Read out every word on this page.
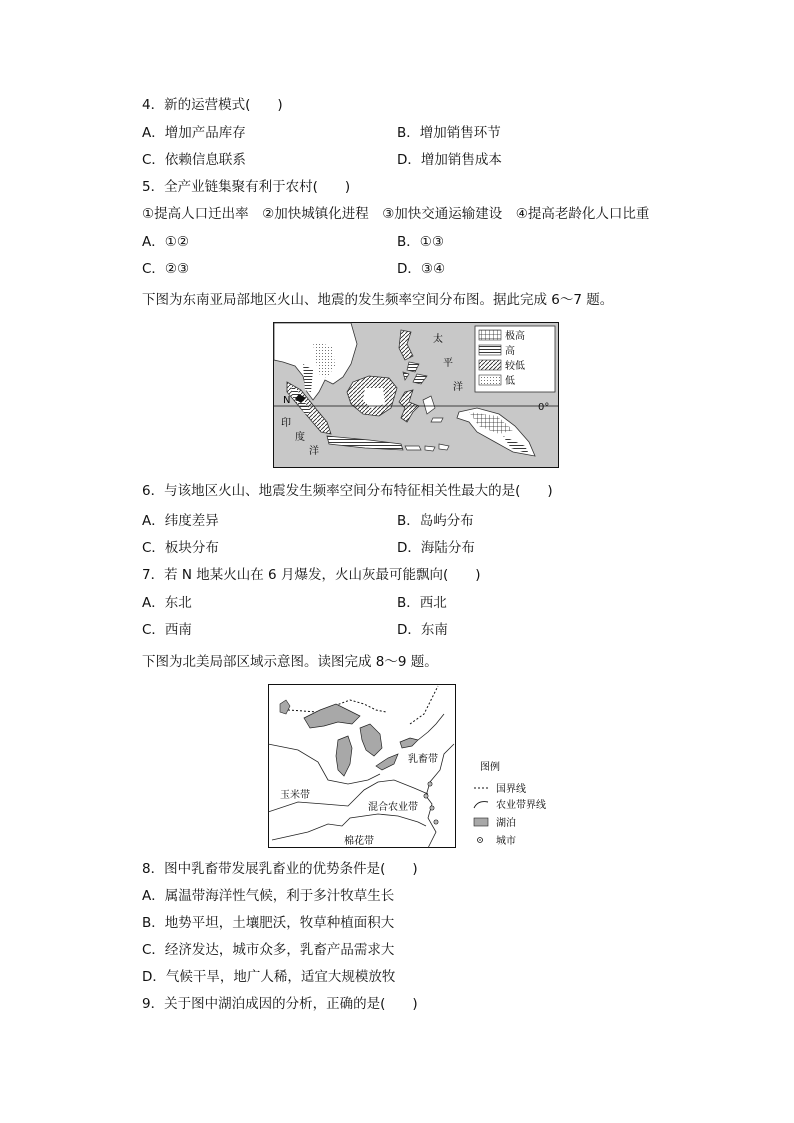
4．新的运营模式(　　)
A．增加产品库存	B．增加销售环节
C．依赖信息联系	D．增加销售成本
5．全产业链集聚有利于农村(　　)
①提高人口迁出率　②加快城镇化进程　③加快交通运输建设　④提高老龄化人口比重
A．①②	B．①③
C．②③	D．③④
下图为东南亚局部地区火山、地震的发生频率空间分布图。据此完成 6～7 题。
N
太
平
洋
印
度
洋
极高
高
较低
低
0°
6．与该地区火山、地震发生频率空间分布特征相关性最大的是(　　)
A．纬度差异	B．岛屿分布
C．板块分布	D．海陆分布
7．若 N 地某火山在 6 月爆发，火山灰最可能飘向(　　)
A．东北	B．西北
C．西南	D．东南
下图为北美局部区域示意图。读图完成 8～9 题。
乳畜带
玉米带
混合农业带
棉花带
图例
国界线
农业带界线
湖泊
城市
8．图中乳畜带发展乳畜业的优势条件是(　　)
A．属温带海洋性气候，利于多汁牧草生长
B．地势平坦，土壤肥沃，牧草种植面积大
C．经济发达，城市众多，乳畜产品需求大
D．气候干旱，地广人稀，适宜大规模放牧
9．关于图中湖泊成因的分析，正确的是(　　)
